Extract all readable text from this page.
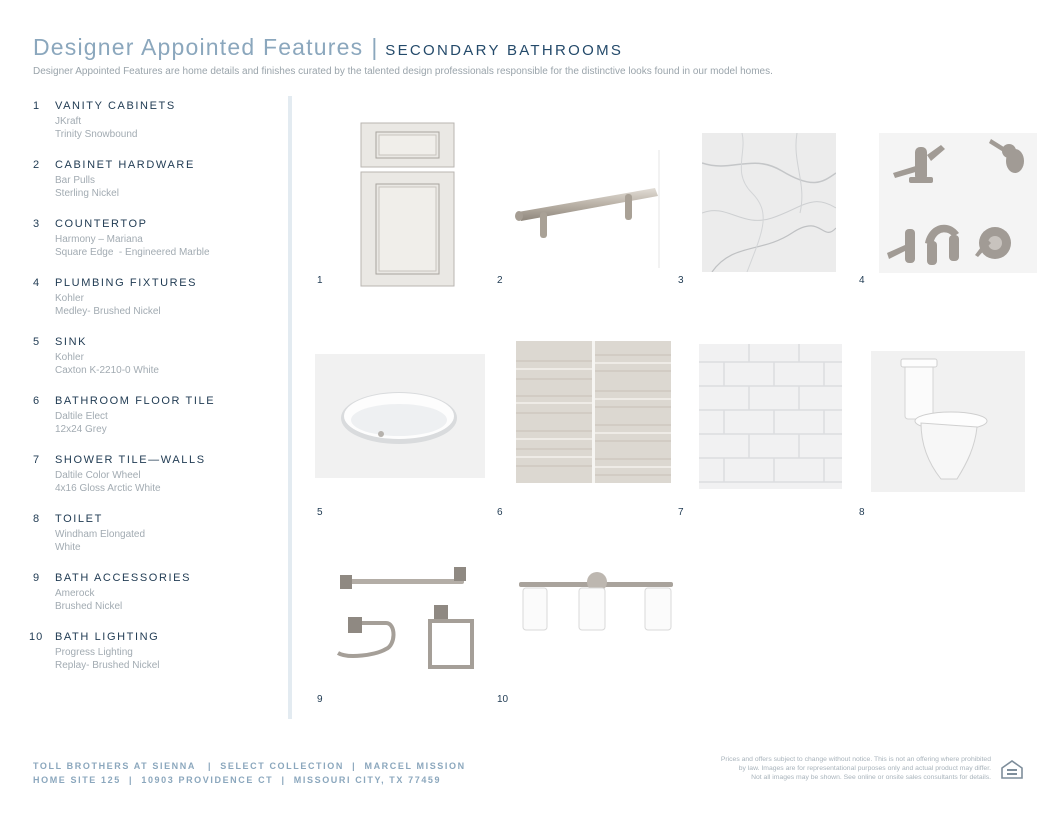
Designer Appointed Features | SECONDARY BATHROOMS
Designer Appointed Features are home details and finishes curated by the talented design professionals responsible for the distinctive looks found in our model homes.
1	VANITY CABINETS
JKraft
Trinity Snowbound
2	CABINET HARDWARE
Bar Pulls
Sterling Nickel
3	COUNTERTOP
Harmony – Mariana
Square Edge  - Engineered Marble
4	PLUMBING FIXTURES
Kohler
Medley- Brushed Nickel
5	SINK
Kohler
Caxton K-2210-0 White
6	BATHROOM FLOOR TILE
Daltile Elect
12x24 Grey
7	SHOWER TILE—WALLS
Daltile Color Wheel
4x16 Gloss Arctic White
8	TOILET
Windham Elongated
White
9	BATH ACCESSORIES
Amerock
Brushed Nickel
10	BATH LIGHTING
Progress Lighting
Replay- Brushed Nickel
1	2	3	4
5	6	7	8
9	10
TOLL BROTHERS AT SIENNA   |  SELECT COLLECTION  |  MARCEL MISSION
HOME SITE 125  |  10903 PROVIDENCE CT  |  MISSOURI CITY, TX 77459
Prices and offers subject to change without notice. This is not an offering where prohibited
by law. Images are for representational purposes only and actual product may differ.
Not all images may be shown. See online or onsite sales consultants for details.
